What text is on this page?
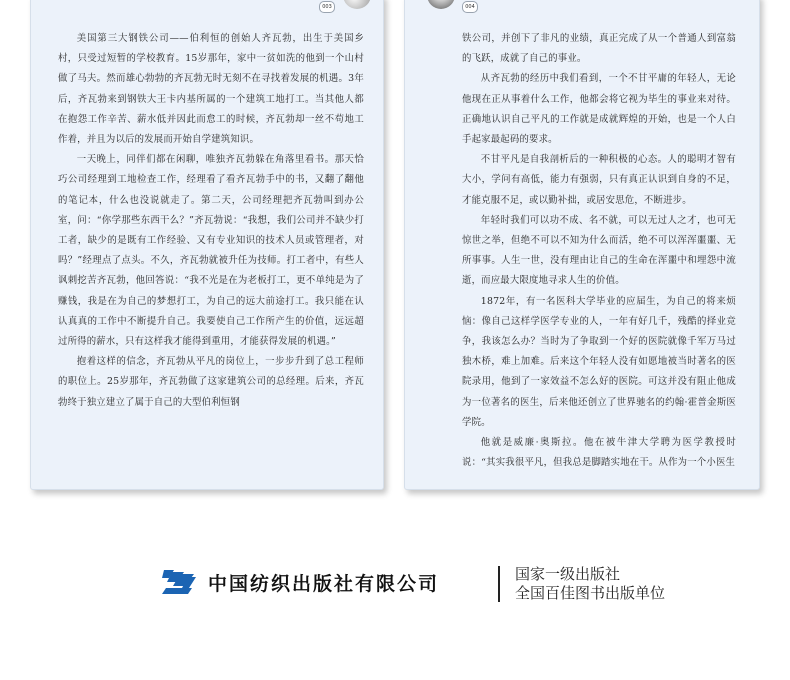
003

美国第三大钢铁公司——伯利恒的创始人齐瓦勃，出生于美国乡村，只受过短暂的学校教育。15岁那年，家中一贫如洗的他到一个山村做了马夫。然而雄心勃勃的齐瓦勃无时无刻不在寻找着发展的机遇。3年后，齐瓦勃来到钢铁大王卡内基所属的一个建筑工地打工。当其他人都在抱怨工作辛苦、薪水低并因此而怠工的时候，齐瓦勃却一丝不苟地工作着，并且为以后的发展而开始自学建筑知识。

一天晚上，同伴们都在闲聊，唯独齐瓦勃躲在角落里看书。那天恰巧公司经理到工地检查工作，经理看了看齐瓦勃手中的书，又翻了翻他的笔记本，什么也没说就走了。第二天，公司经理把齐瓦勃叫到办公室，问：“你学那些东西干么？”齐瓦勃说：“我想，我们公司并不缺少打工者，缺少的是既有工作经验、又有专业知识的技术人员或管理者，对吗？”经理点了点头。不久，齐瓦勃就被升任为技师。打工者中，有些人讽刺挖苦齐瓦勃，他回答说：“我不光是在为老板打工，更不单纯是为了赚钱，我是在为自己的梦想打工，为自己的远大前途打工。我只能在认认真真的工作中不断提升自己。我要使自己工作所产生的价值，远远超过所得的薪水，只有这样我才能得到重用，才能获得发展的机遇。”

抱着这样的信念，齐瓦勃从平凡的岗位上，一步步升到了总工程师的职位上。25岁那年，齐瓦勃做了这家建筑公司的总经理。后来，齐瓦勃终于独立建立了属于自己的大型伯利恒钢

004

铁公司，并创下了非凡的业绩，真正完成了从一个普通人到富翁的飞跃，成就了自己的事业。

从齐瓦勃的经历中我们看到，一个不甘平庸的年轻人，无论他现在正从事着什么工作，他都会将它视为毕生的事业来对待。正确地认识自己平凡的工作就是成就辉煌的开始，也是一个人白手起家最起码的要求。

不甘平凡是自我剖析后的一种积极的心态。人的聪明才智有大小，学问有高低，能力有强弱，只有真正认识到自身的不足，才能克服不足，或以勤补拙，或居安思危，不断进步。

年轻时我们可以功不成、名不就，可以无过人之才，也可无惊世之举，但绝不可以不知为什么而活，绝不可以浑浑噩噩、无所事事。人生一世，没有理由让自己的生命在浑噩中和埋怨中流逝，而应最大限度地寻求人生的价值。

1872年，有一名医科大学毕业的应届生，为自己的将来烦恼：像自己这样学医学专业的人，一年有好几千，残酷的择业竞争，我该怎么办？当时为了争取到一个好的医院就像千军万马过独木桥，难上加难。后来这个年轻人没有如愿地被当时著名的医院录用，他到了一家效益不怎么好的医院。可这并没有阻止他成为一位著名的医生，后来他还创立了世界驰名的约翰·霍普金斯医学院。

他就是威廉·奥斯拉。他在被牛津大学聘为医学教授时说：“其实我很平凡，但我总是脚踏实地在干。从作为一个小医生

中国纺织出版社有限公司	国家一级出版社
全国百佳图书出版单位
